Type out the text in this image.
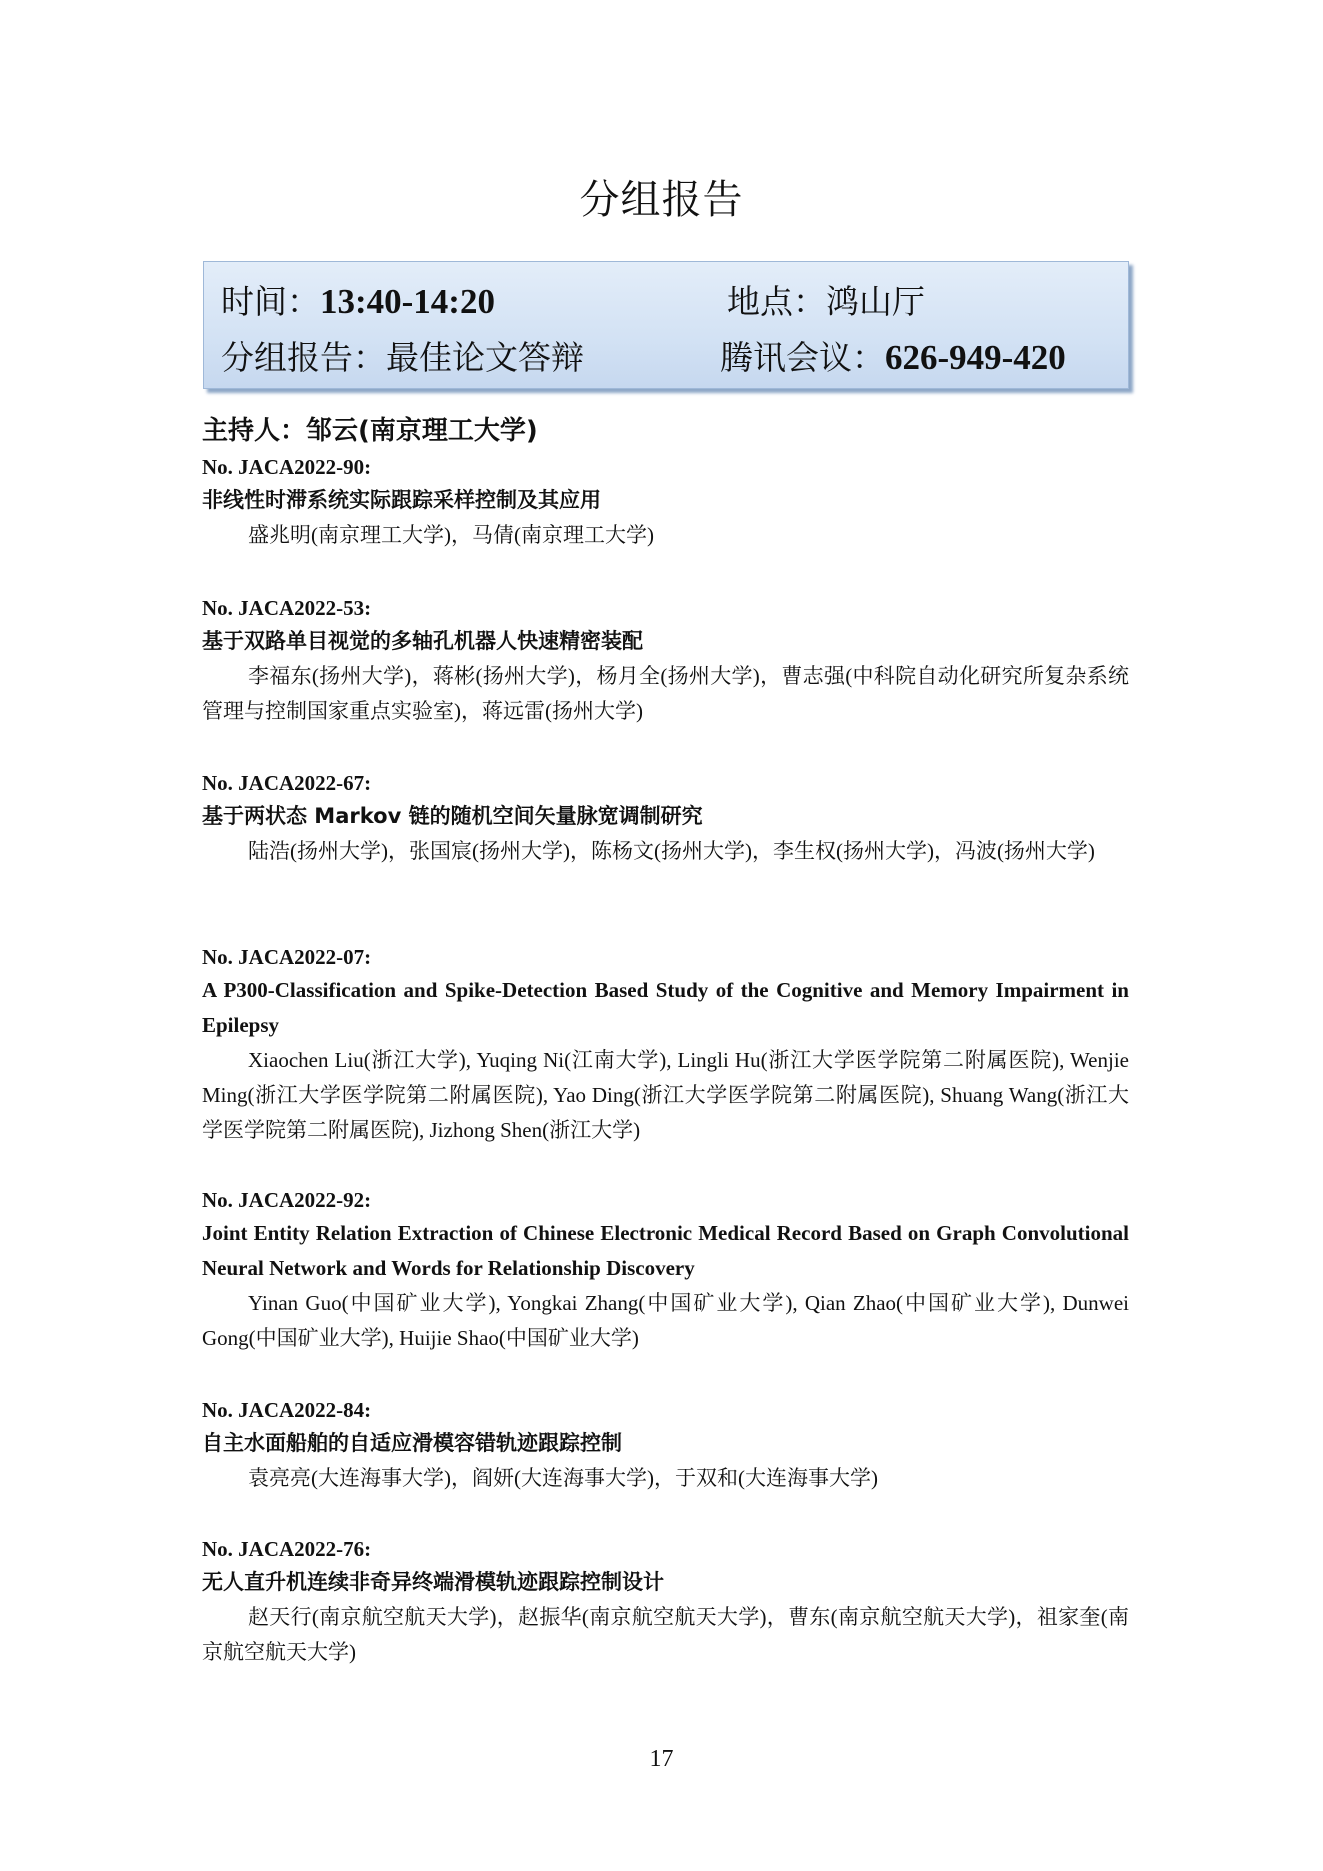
分组报告
时间：13:40-14:20	地点：鸿山厅
分组报告：最佳论文答辩	腾讯会议：626-949-420
主持人：邹云(南京理工大学)
No. JACA2022-90:
非线性时滞系统实际跟踪采样控制及其应用
盛兆明(南京理工大学)，马倩(南京理工大学)
No. JACA2022-53:
基于双路单目视觉的多轴孔机器人快速精密装配
李福东(扬州大学)，蒋彬(扬州大学)，杨月全(扬州大学)，曹志强(中科院自动化研究所复杂系统管理与控制国家重点实验室)，蒋远雷(扬州大学)
No. JACA2022-67:
基于两状态 Markov 链的随机空间矢量脉宽调制研究
陆浩(扬州大学)，张国宸(扬州大学)，陈杨文(扬州大学)，李生权(扬州大学)，冯波(扬州大学)
No. JACA2022-07:
A P300-Classification and Spike-Detection Based Study of the Cognitive and Memory Impairment in Epilepsy
Xiaochen Liu(浙江大学), Yuqing Ni(江南大学), Lingli Hu(浙江大学医学院第二附属医院), Wenjie Ming(浙江大学医学院第二附属医院), Yao Ding(浙江大学医学院第二附属医院), Shuang Wang(浙江大学医学院第二附属医院), Jizhong Shen(浙江大学)
No. JACA2022-92:
Joint Entity Relation Extraction of Chinese Electronic Medical Record Based on Graph Convolutional Neural Network and Words for Relationship Discovery
Yinan Guo(中国矿业大学), Yongkai Zhang(中国矿业大学), Qian Zhao(中国矿业大学), Dunwei Gong(中国矿业大学), Huijie Shao(中国矿业大学)
No. JACA2022-84:
自主水面船舶的自适应滑模容错轨迹跟踪控制
袁亮亮(大连海事大学)，阎妍(大连海事大学)，于双和(大连海事大学)
No. JACA2022-76:
无人直升机连续非奇异终端滑模轨迹跟踪控制设计
赵天行(南京航空航天大学)，赵振华(南京航空航天大学)，曹东(南京航空航天大学)，祖家奎(南京航空航天大学)
17
